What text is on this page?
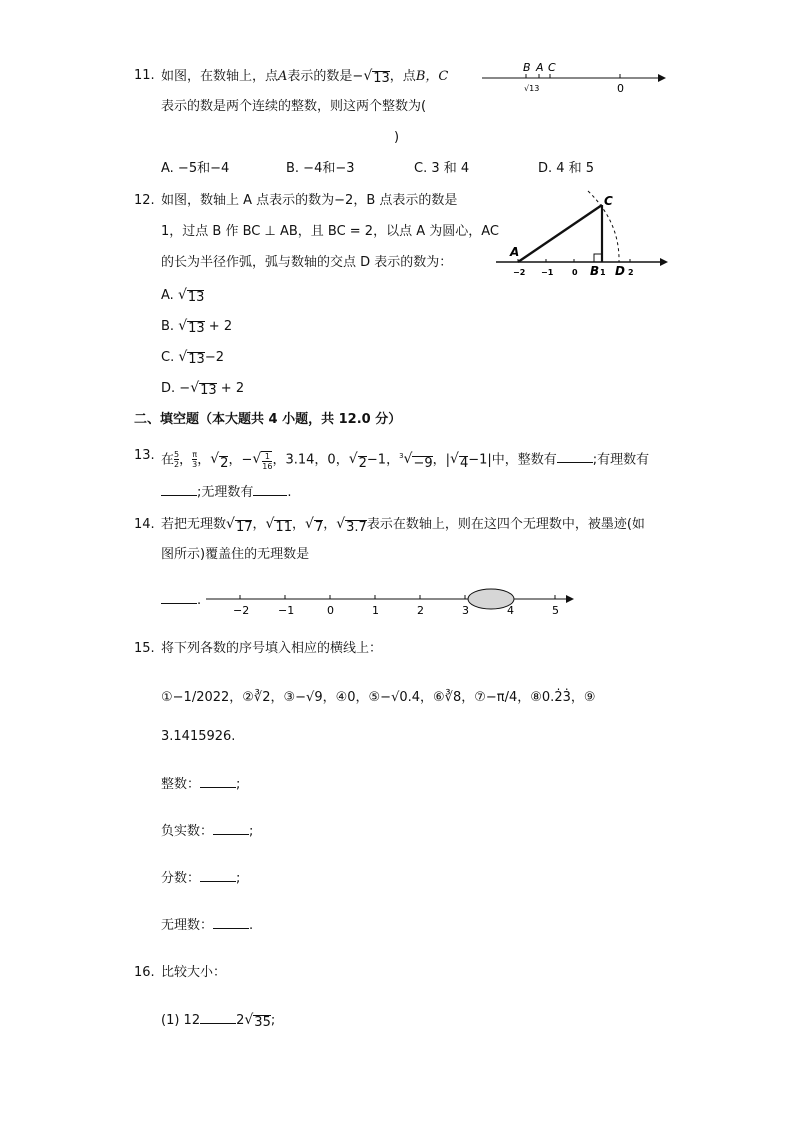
11. 如图，在数轴上，点A表示的数是− √ 13 ，点B，C
表示的数是两个连续的整数，则这两个整数为(
)
A. −5和−4	B. −4和−3	C. 3 和 4	D. 4 和 5
B A C
√13	0
12. 如图，数轴上 A 点表示的数为−2，B 点表示的数是
1，过点 B 作 BC ⊥ AB，且 BC = 2，以点 A 为圆心，AC
的长为半径作弧，弧与数轴的交点 D 表示的数为：
A. √ 13
B. √ 13 + 2
C. √ 13 −2
D. − √ 13 + 2
A
C
B D
−2 −1 0	1	2
二、填空题（本大题共 4 小题，共 12.0 分）
13. 在 $\frac{5}{2}$ ， $\frac{\pi}{3}$ ， √ 2 ，− √ $\frac{1}{16}$ ，3.14，0， √ 2 −1，$^3$ √ −9 ，| √ 4 −1|中，整数有	;有理数有
;无理数有	.
14. 若把无理数 √ 17 ， √ 11 ， √ 7 ， √ 3.7 表示在数轴上，则在这四个无理数中，被墨迹(如
图所示)覆盖住的无理数是
.
−2	−1	0	1	2	3	4	5
15. 将下列各数的序号填入相应的横线上：
①−1/2022，②∛2，③−√9，④0，⑤−√0.4，⑥∛8，⑦−π/4，⑧0.2̇3̇，⑨
3.1415926.
整数：	;
负实数：	;
分数：	;
无理数：	.
16. 比较大小：
(1) 12	2 √ 35 ;
